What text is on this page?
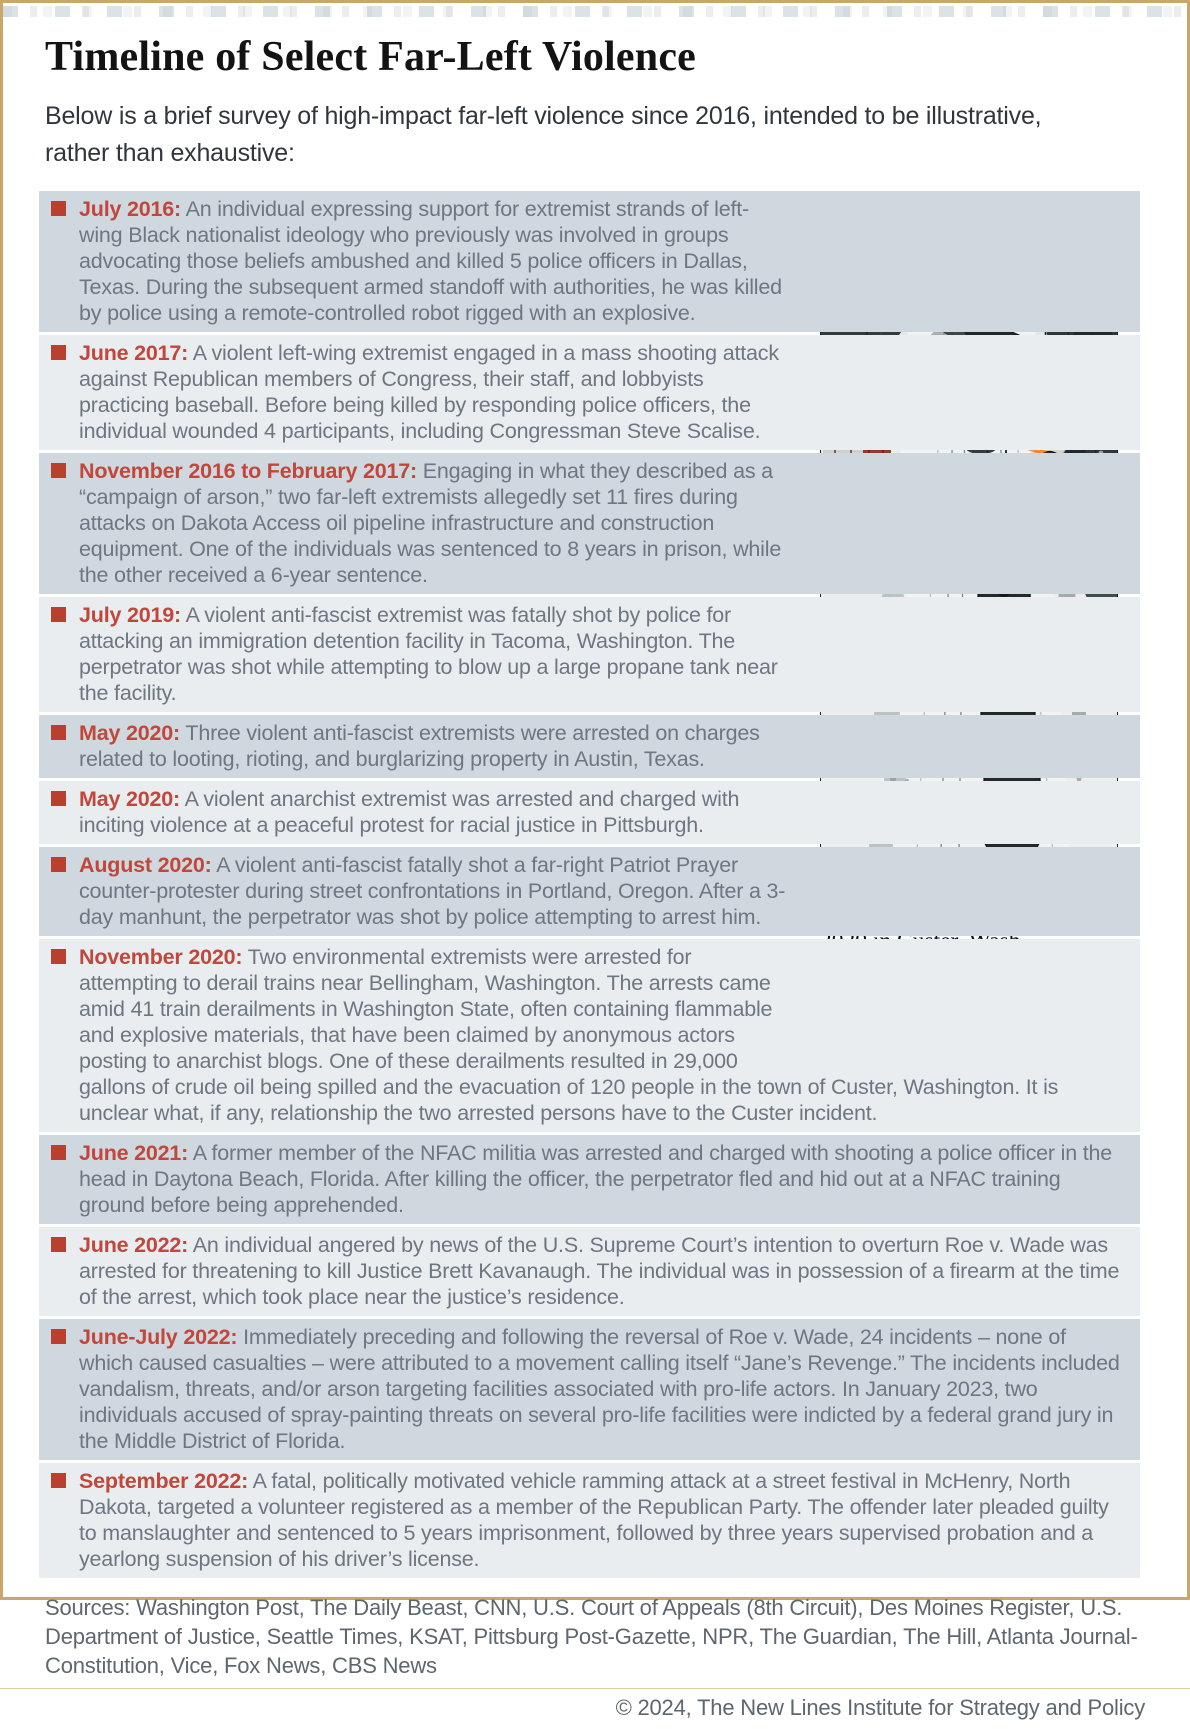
Timeline of Select Far-Left Violence

Below is a brief survey of high-impact far-left violence since 2016, intended to be illustrative, rather than exhaustive:

July 2016: An individual expressing support for extremist strands of left-wing Black nationalist ideology who previously was involved in groups advocating those beliefs ambushed and killed 5 police officers in Dallas, Texas. During the subsequent armed standoff with authorities, he was killed by police using a remote-controlled robot rigged with an explosive.
June 2017: A violent left-wing extremist engaged in a mass shooting attack against Republican members of Congress, their staff, and lobbyists practicing baseball. Before being killed by responding police officers, the individual wounded 4 participants, including Congressman Steve Scalise.
November 2016 to February 2017: Engaging in what they described as a “campaign of arson,” two far-left extremists allegedly set 11 fires during attacks on Dakota Access oil pipeline infrastructure and construction equipment. One of the individuals was sentenced to 8 years in prison, while the other received a 6-year sentence.
July 2019: A violent anti-fascist extremist was fatally shot by police for attacking an immigration detention facility in Tacoma, Washington. The perpetrator was shot while attempting to blow up a large propane tank near the facility.
May 2020: Three violent anti-fascist extremists were arrested on charges related to looting, rioting, and burglarizing property in Austin, Texas.
May 2020: A violent anarchist extremist was arrested and charged with inciting violence at a peaceful protest for racial justice in Pittsburgh.
August 2020: A violent anti-fascist fatally shot a far-right Patriot Prayer counter-protester during street confrontations in Portland, Oregon. After a 3-day manhunt, the perpetrator was shot by police attempting to arrest him.
November 2020: Two environmental extremists were arrested for attempting to derail trains near Bellingham, Washington. The arrests came amid 41 train derailments in Washington State, often containing flammable and explosive materials, that have been claimed by anonymous actors posting to anarchist blogs. One of these derailments resulted in 29,000 gallons of crude oil being spilled and the evacuation of 120 people in the town of Custer, Washington. It is unclear what, if any, relationship the two arrested persons have to the Custer incident.
June 2021: A former member of the NFAC militia was arrested and charged with shooting a police officer in the head in Daytona Beach, Florida. After killing the officer, the perpetrator fled and hid out at a NFAC training ground before being apprehended.
June 2022: An individual angered by news of the U.S. Supreme Court’s intention to overturn Roe v. Wade was arrested for threatening to kill Justice Brett Kavanaugh. The individual was in possession of a firearm at the time of the arrest, which took place near the justice’s residence.
June-July 2022: Immediately preceding and following the reversal of Roe v. Wade, 24 incidents – none of which caused casualties – were attributed to a movement calling itself “Jane’s Revenge.” The incidents included vandalism, threats, and/or arson targeting facilities associated with pro-life actors. In January 2023, two individuals accused of spray-painting threats on several pro-life facilities were indicted by a federal grand jury in the Middle District of Florida.
September 2022: A fatal, politically motivated vehicle ramming attack at a street festival in McHenry, North Dakota, targeted a volunteer registered as a member of the Republican Party. The offender later pleaded guilty to manslaughter and sentenced to 5 years imprisonment, followed by three years supervised probation and a yearlong suspension of his driver’s license.

Sources: Washington Post, The Daily Beast, CNN, U.S. Court of Appeals (8th Circuit), Des Moines Register, U.S. Department of Justice, Seattle Times, KSAT, Pittsburg Post-Gazette, NPR, The Guardian, The Hill, Atlanta Journal-Constitution, Vice, Fox News, CBS News

© 2024, The New Lines Institute for Strategy and Policy
